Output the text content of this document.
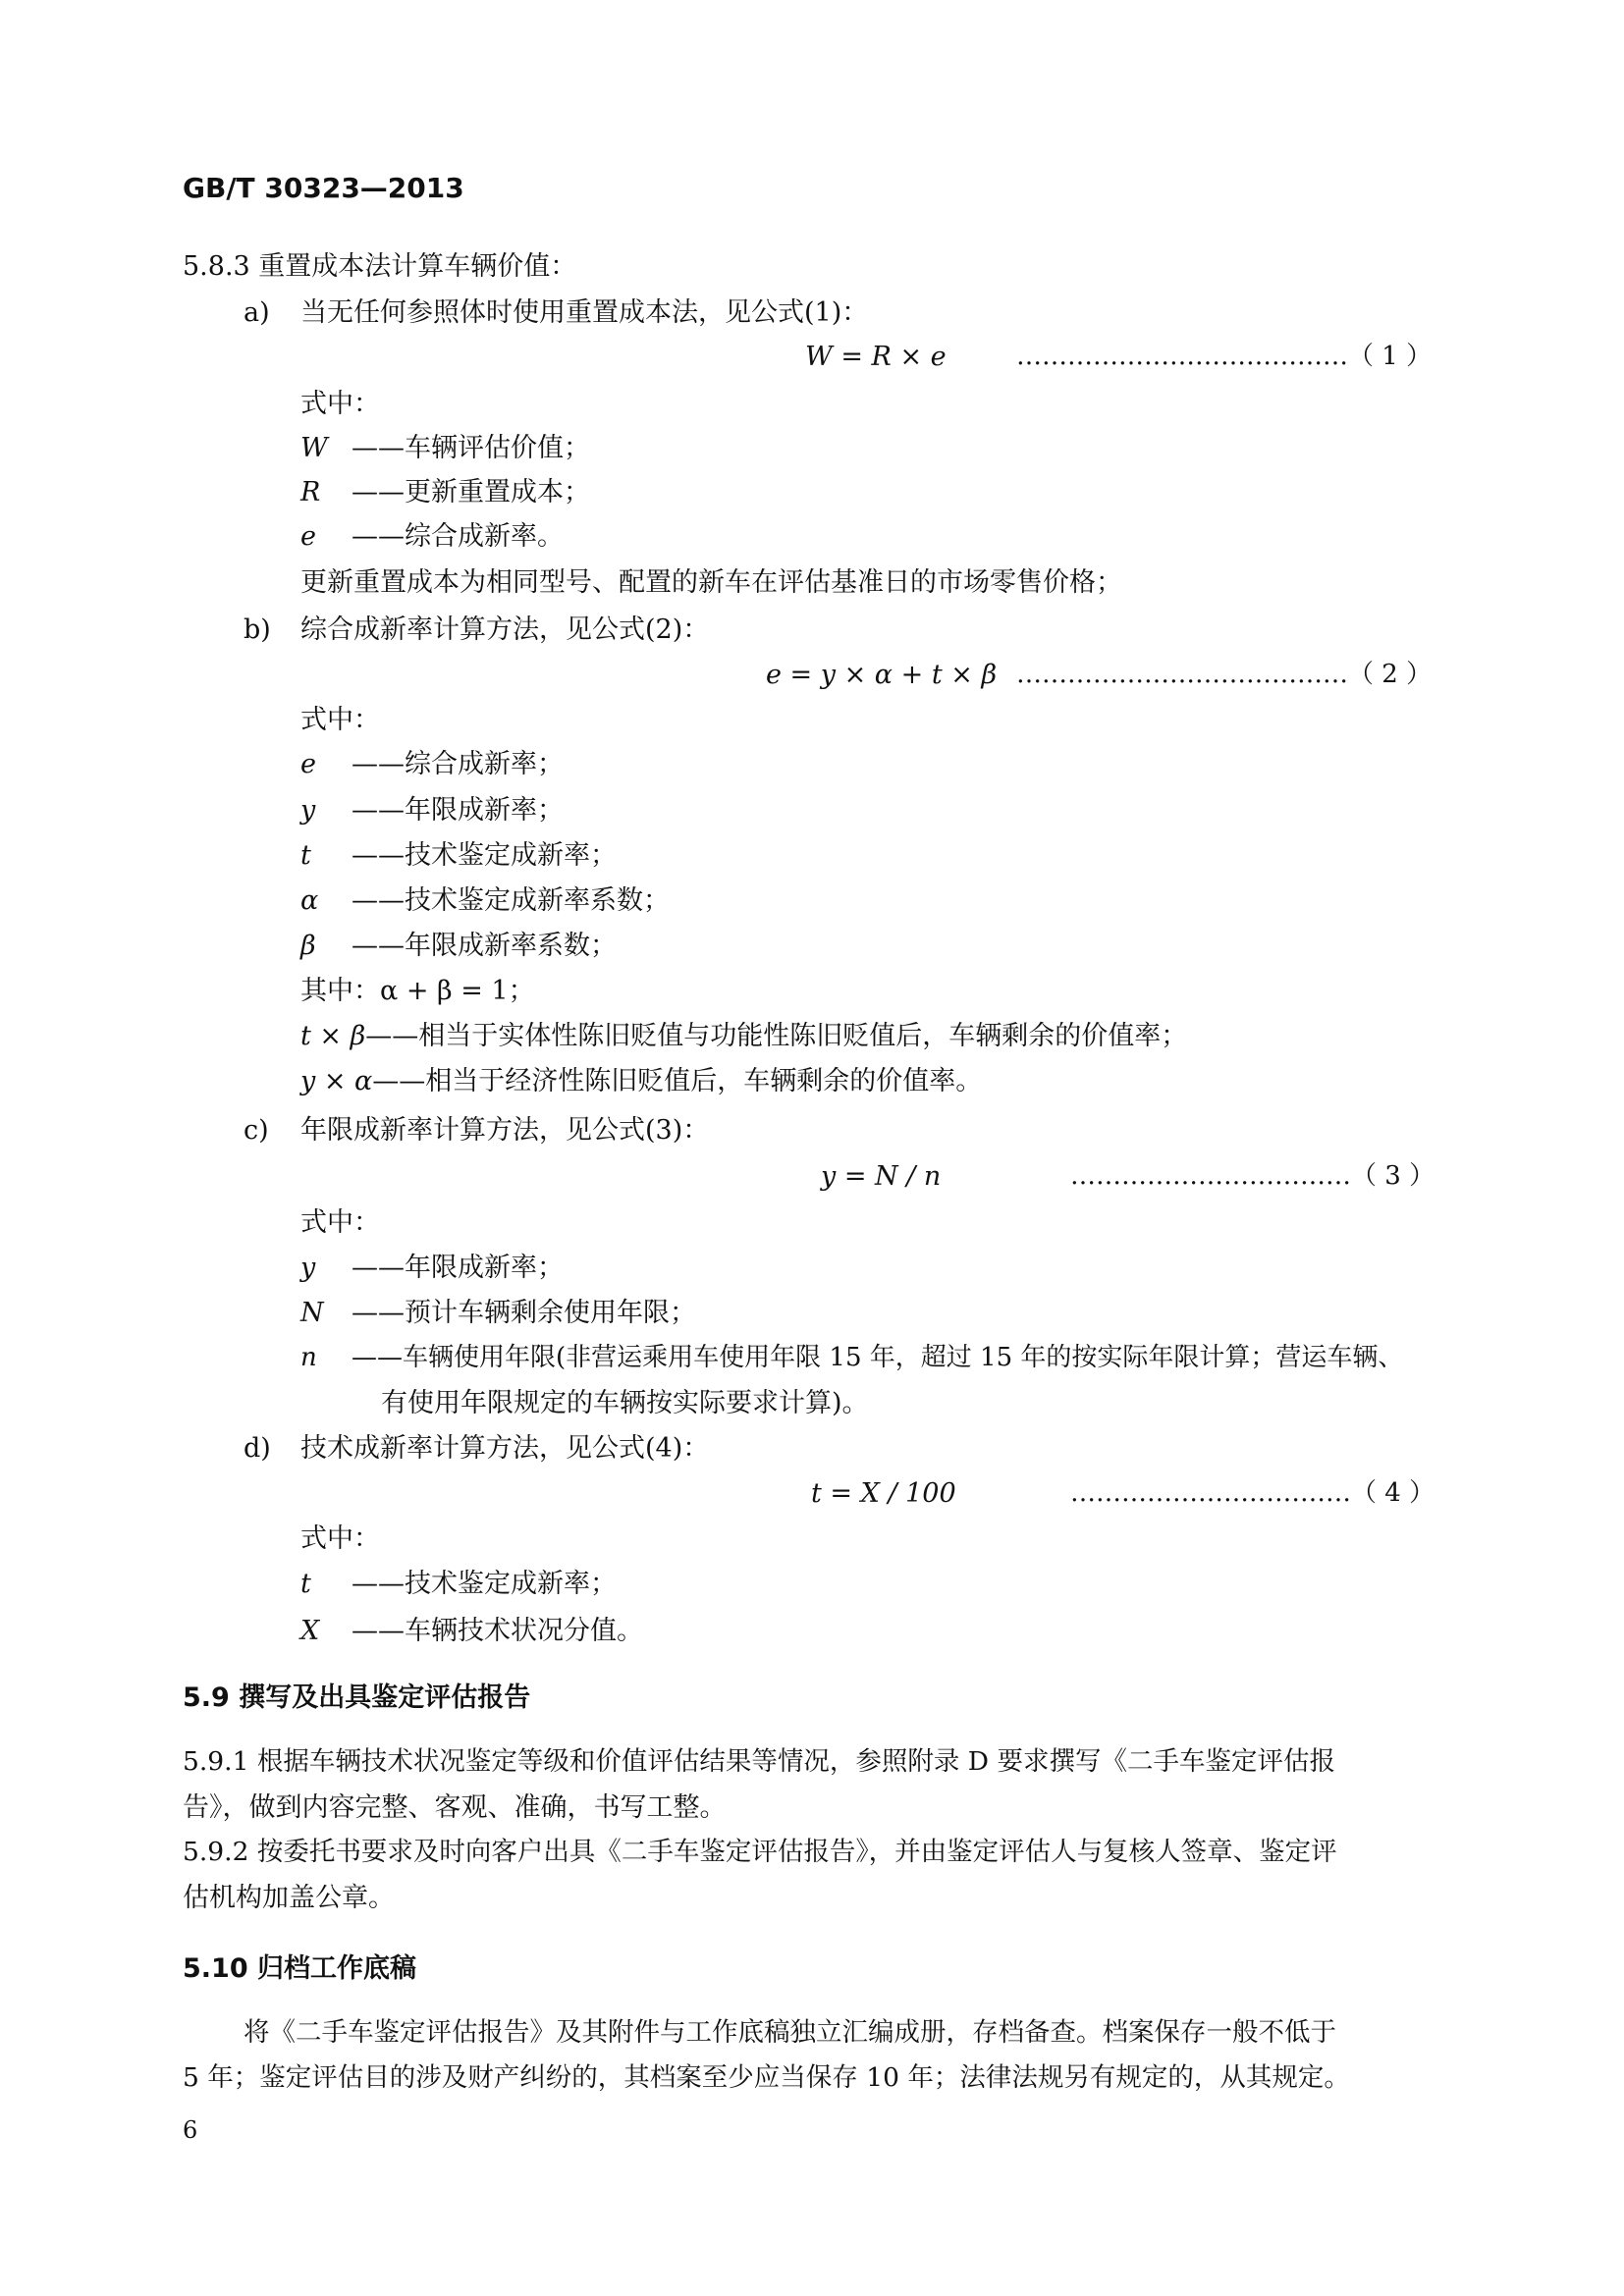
GB/T 30323—2013
5.8.3 重置成本法计算车辆价值：
a) 当无任何参照体时使用重置成本法，见公式(1)：
W = R × e	…………………………………（ 1 ）
式中：
W ——车辆评估价值；
R ——更新重置成本；
e ——综合成新率。
更新重置成本为相同型号、配置的新车在评估基准日的市场零售价格；
b) 综合成新率计算方法，见公式(2)：
e = y × α + t × β …………………………………（ 2 ）
式中：
e ——综合成新率；
y ——年限成新率；
t ——技术鉴定成新率；
α ——技术鉴定成新率系数；
β ——年限成新率系数；
其中：α + β = 1；
t × β——相当于实体性陈旧贬值与功能性陈旧贬值后，车辆剩余的价值率；
y × α——相当于经济性陈旧贬值后，车辆剩余的价值率。
c) 年限成新率计算方法，见公式(3)：
y = N / n	……………………………（ 3 ）
式中：
y ——年限成新率；
N ——预计车辆剩余使用年限；
n ——车辆使用年限(非营运乘用车使用年限 15 年，超过 15 年的按实际年限计算；营运车辆、
有使用年限规定的车辆按实际要求计算)。
d) 技术成新率计算方法，见公式(4)：
t = X / 100	……………………………（ 4 ）
式中：
t ——技术鉴定成新率；
X ——车辆技术状况分值。
5.9 撰写及出具鉴定评估报告
5.9.1 根据车辆技术状况鉴定等级和价值评估结果等情况，参照附录 D 要求撰写《二手车鉴定评估报
告》，做到内容完整、客观、准确，书写工整。
5.9.2 按委托书要求及时向客户出具《二手车鉴定评估报告》，并由鉴定评估人与复核人签章、鉴定评
估机构加盖公章。
5.10 归档工作底稿
将《二手车鉴定评估报告》及其附件与工作底稿独立汇编成册，存档备查。档案保存一般不低于
5 年；鉴定评估目的涉及财产纠纷的，其档案至少应当保存 10 年；法律法规另有规定的，从其规定。
6
